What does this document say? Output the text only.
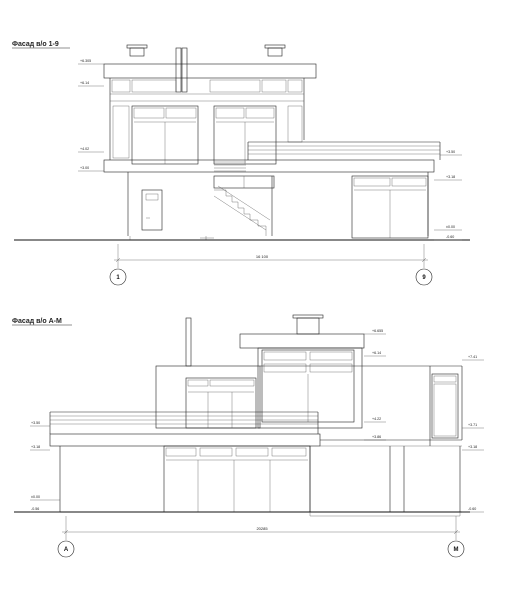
Фасад в/о 1-9
+6.305
+6.14
+4.02
+3.00
+3.50
+3.18
±0.00
-0.60
16 100
1	9
Фасад в/о А-М
+3.50
+3.18
±0.00
-0.56
+6.655
+6.14
+4.22
+3.86
+7.41
+3.71
+3.18
-0.60
20285
А	М
